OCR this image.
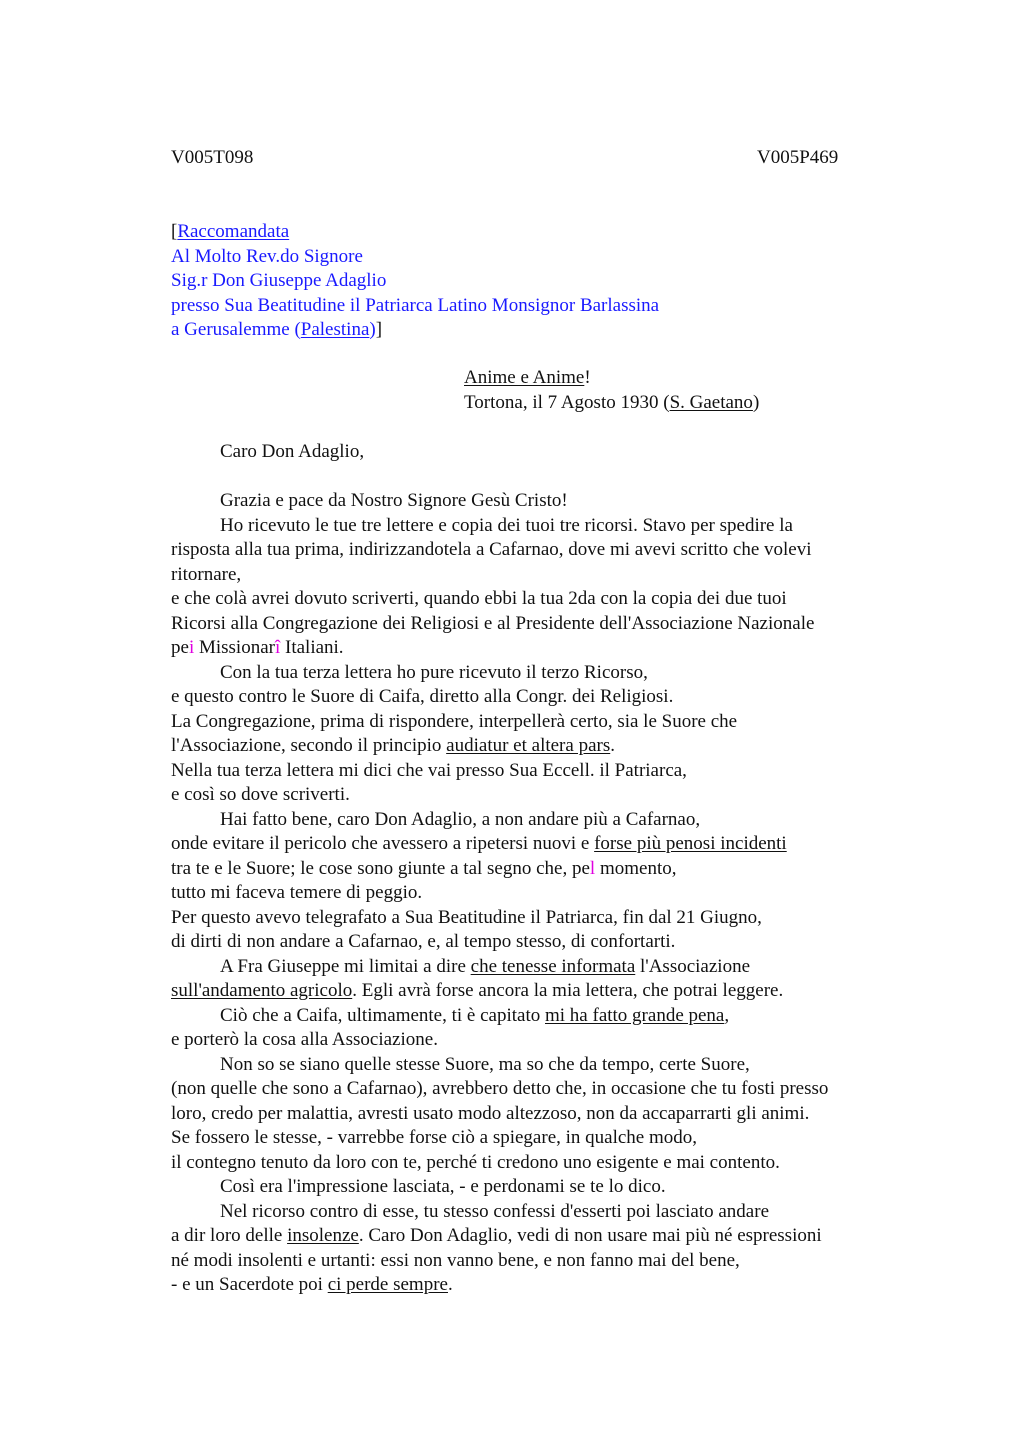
V005T098	V005P469
[Raccomandata
Al Molto Rev.do Signore
Sig.r Don Giuseppe Adaglio
presso Sua Beatitudine il Patriarca Latino Monsignor Barlassina
a Gerusalemme (Palestina)]
Anime e Anime!
Tortona, il 7 Agosto 1930 (S. Gaetano)
Caro Don Adaglio,
Grazia e pace da Nostro Signore Gesù Cristo!
Ho ricevuto le tue tre lettere e copia dei tuoi tre ricorsi. Stavo per spedire la
risposta alla tua prima, indirizzandotela a Cafarnao, dove mi avevi scritto che volevi
ritornare,
e che colà avrei dovuto scriverti, quando ebbi la tua 2da con la copia dei due tuoi
Ricorsi alla Congregazione dei Religiosi e al Presidente dell'Associazione Nazionale
pei Missionarî Italiani.
Con la tua terza lettera ho pure ricevuto il terzo Ricorso,
e questo contro le Suore di Caifa, diretto alla Congr. dei Religiosi.
La Congregazione, prima di rispondere, interpellerà certo, sia le Suore che
l'Associazione, secondo il principio audiatur et altera pars.
Nella tua terza lettera mi dici che vai presso Sua Eccell. il Patriarca,
e così so dove scriverti.
Hai fatto bene, caro Don Adaglio, a non andare più a Cafarnao,
onde evitare il pericolo che avessero a ripetersi nuovi e forse più penosi incidenti
tra te e le Suore; le cose sono giunte a tal segno che, pel momento,
tutto mi faceva temere di peggio.
Per questo avevo telegrafato a Sua Beatitudine il Patriarca, fin dal 21 Giugno,
di dirti di non andare a Cafarnao, e, al tempo stesso, di confortarti.
A Fra Giuseppe mi limitai a dire che tenesse informata l'Associazione
sull'andamento agricolo. Egli avrà forse ancora la mia lettera, che potrai leggere.
Ciò che a Caifa, ultimamente, ti è capitato mi ha fatto grande pena,
e porterò la cosa alla Associazione.
Non so se siano quelle stesse Suore, ma so che da tempo, certe Suore,
(non quelle che sono a Cafarnao), avrebbero detto che, in occasione che tu fosti presso
loro, credo per malattia, avresti usato modo altezzoso, non da accaparrarti gli animi.
Se fossero le stesse, - varrebbe forse ciò a spiegare, in qualche modo,
il contegno tenuto da loro con te, perché ti credono uno esigente e mai contento.
Così era l'impressione lasciata, - e perdonami se te lo dico.
Nel ricorso contro di esse, tu stesso confessi d'esserti poi lasciato andare
a dir loro delle insolenze. Caro Don Adaglio, vedi di non usare mai più né espressioni
né modi insolenti e urtanti: essi non vanno bene, e non fanno mai del bene,
- e un Sacerdote poi ci perde sempre.
